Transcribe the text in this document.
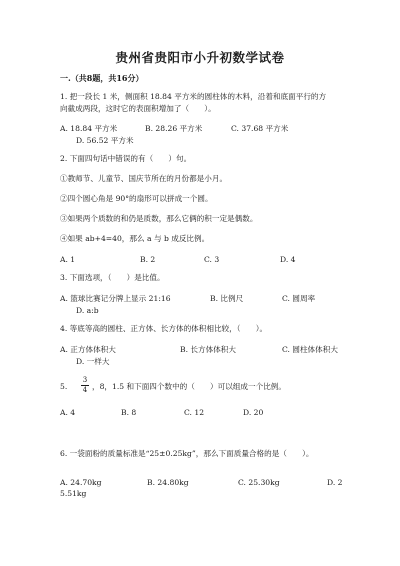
贵州省贵阳市小升初数学试卷
一.（共8题，共16分）
1. 把一段长 1 米，侧面积 18.84 平方米的圆柱体的木料，沿着和底面平行的方
向截成两段，这时它的表面积增加了（　　）。
A. 18.84 平方米	B. 28.26 平方米	C. 37.68 平方米
D. 56.52 平方米
2. 下面四句话中错误的有（　　）句。
①教师节、儿童节、国庆节所在的月份都是小月。
②四个圆心角是 90°的扇形可以拼成一个圆。
③如果两个质数的和仍是质数，那么它俩的积一定是偶数。
④如果 ab+4=40，那么 a 与 b 成反比例。
A. 1	B. 2	C. 3	D. 4
3. 下面选项，（　　）是比值。
A. 篮球比赛记分牌上显示 21:16	B. 比例尺	C. 圆周率
D. a:b
4. 等底等高的圆柱、正方体、长方体的体积相比较，（　　）。
A. 正方体体积大	B. 长方体体积大	C. 圆柱体体积大
D. 一样大
5.
3
4 ，8，1.5 和下面四个数中的（　　）可以组成一个比例。
A. 4	B. 8	C. 12	D. 20
6. 一袋面粉的质量标准是“25±0.25kg”，那么下面质量合格的是（　　）。
A. 24.70kg	B. 24.80kg	C. 25.30kg	D. 2
5.51kg
